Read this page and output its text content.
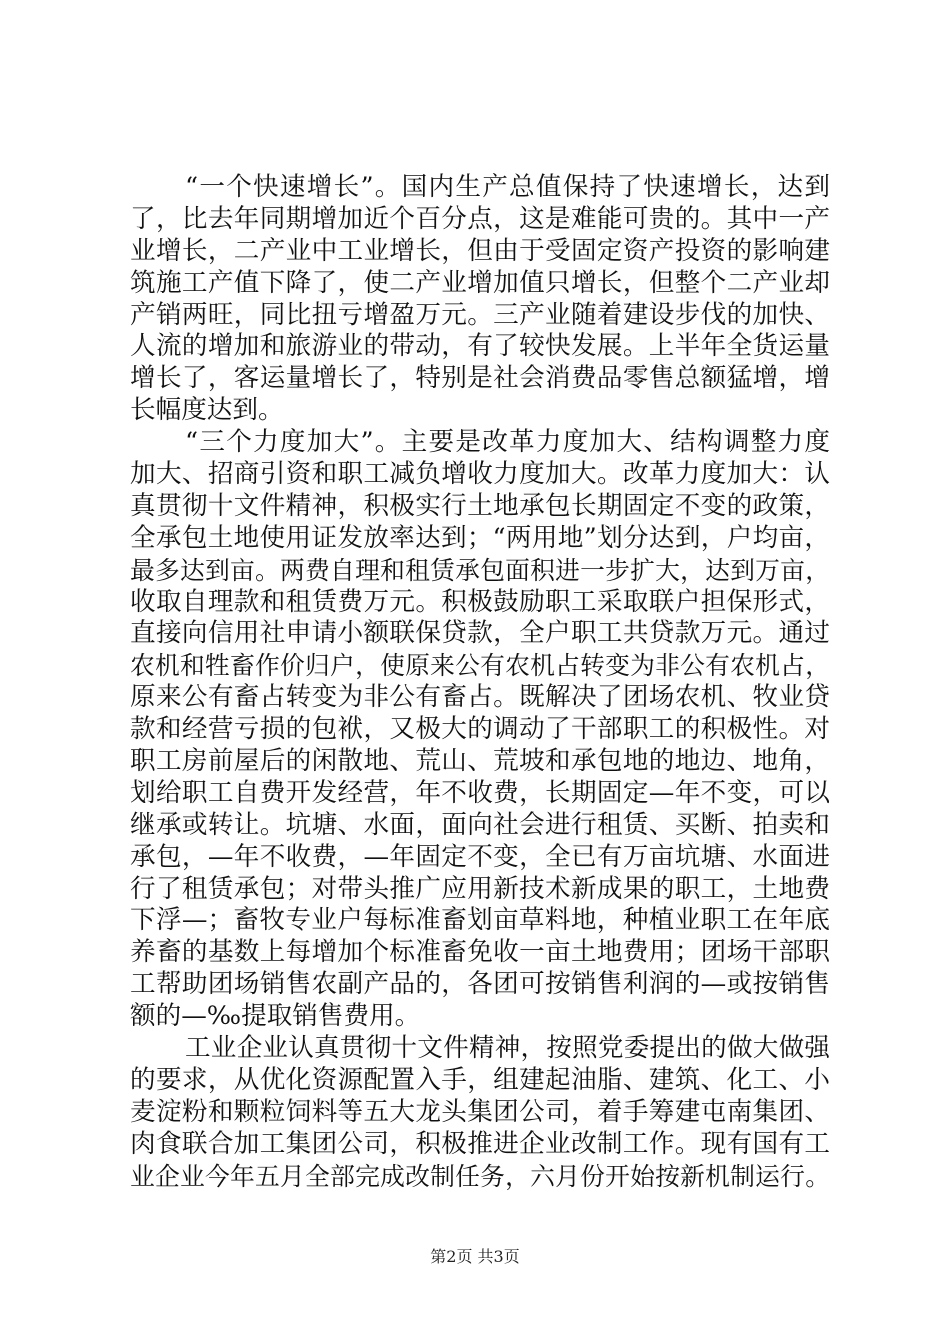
“一个快速增长”。国内生产总值保持了快速增长，达到
了，比去年同期增加近个百分点，这是难能可贵的。其中一产
业增长，二产业中工业增长，但由于受固定资产投资的影响建
筑施工产值下降了，使二产业增加值只增长，但整个二产业却
产销两旺，同比扭亏增盈万元。三产业随着建设步伐的加快、
人流的增加和旅游业的带动，有了较快发展。上半年全货运量
增长了，客运量增长了，特别是社会消费品零售总额猛增，增
长幅度达到。
“三个力度加大”。主要是改革力度加大、结构调整力度
加大、招商引资和职工减负增收力度加大。改革力度加大：认
真贯彻十文件精神，积极实行土地承包长期固定不变的政策，
全承包土地使用证发放率达到；“两用地”划分达到，户均亩，
最多达到亩。两费自理和租赁承包面积进一步扩大，达到万亩，
收取自理款和租赁费万元。积极鼓励职工采取联户担保形式，
直接向信用社申请小额联保贷款，全户职工共贷款万元。通过
农机和牲畜作价归户，使原来公有农机占转变为非公有农机占，
原来公有畜占转变为非公有畜占。既解决了团场农机、牧业贷
款和经营亏损的包袱，又极大的调动了干部职工的积极性。对
职工房前屋后的闲散地、荒山、荒坡和承包地的地边、地角，
划给职工自费开发经营，年不收费，长期固定—年不变，可以
继承或转让。坑塘、水面，面向社会进行租赁、买断、拍卖和
承包，—年不收费，—年固定不变，全已有万亩坑塘、水面进
行了租赁承包；对带头推广应用新技术新成果的职工，土地费
下浮—；畜牧专业户每标准畜划亩草料地，种植业职工在年底
养畜的基数上每增加个标准畜免收一亩土地费用；团场干部职
工帮助团场销售农副产品的，各团可按销售利润的—或按销售
额的—‰提取销售费用。
工业企业认真贯彻十文件精神，按照党委提出的做大做强
的要求，从优化资源配置入手，组建起油脂、建筑、化工、小
麦淀粉和颗粒饲料等五大龙头集团公司，着手筹建屯南集团、
肉食联合加工集团公司，积极推进企业改制工作。现有国有工
业企业今年五月全部完成改制任务，六月份开始按新机制运行。
第2页 共3页
